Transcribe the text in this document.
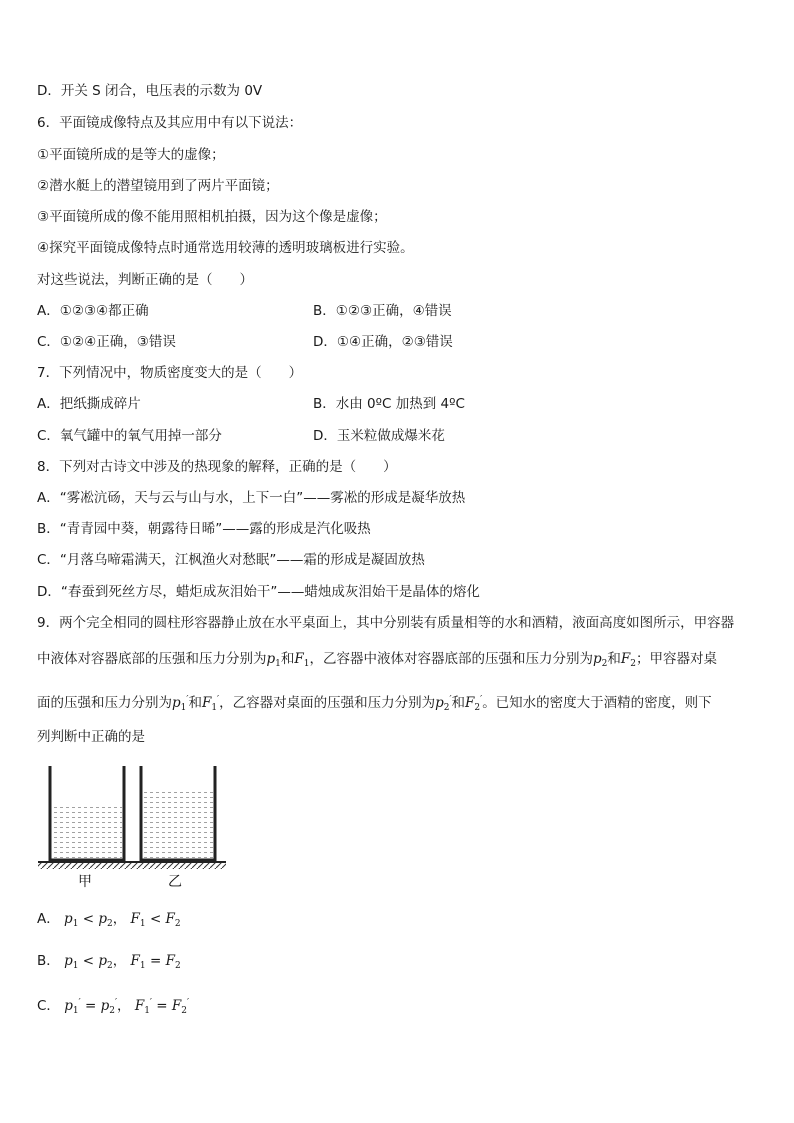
D．开关 S 闭合，电压表的示数为 0V
6．平面镜成像特点及其应用中有以下说法：
①平面镜所成的是等大的虚像；
②潜水艇上的潜望镜用到了两片平面镜；
③平面镜所成的像不能用照相机拍摄，因为这个像是虚像；
④探究平面镜成像特点时通常选用较薄的透明玻璃板进行实验。
对这些说法，判断正确的是（　　）
A．①②③④都正确	B．①②③正确，④错误
C．①②④正确，③错误	D．①④正确，②③错误
7．下列情况中，物质密度变大的是（　　）
A．把纸撕成碎片	B．水由 0ºC 加热到 4ºC
C．氧气罐中的氧气用掉一部分	D．玉米粒做成爆米花
8．下列对古诗文中涉及的热现象的解释，正确的是（　　）
A．“雾凇沆砀，天与云与山与水，上下一白”——雾凇的形成是凝华放热
B．“青青园中葵，朝露待日晞”——露的形成是汽化吸热
C．“月落乌啼霜满天，江枫渔火对愁眠”——霜的形成是凝固放热
D．“春蚕到死丝方尽，蜡炬成灰泪始干”——蜡烛成灰泪始干是晶体的熔化
9．两个完全相同的圆柱形容器静止放在水平桌面上，其中分别装有质量相等的水和酒精，液面高度如图所示，甲容器
中液体对容器底部的压强和压力分别为$p_1$和$F_1$，乙容器中液体对容器底部的压强和压力分别为$p_2$和$F_2$；甲容器对桌
面的压强和压力分别为$p_1'$和$F_1'$，乙容器对桌面的压强和压力分别为$p_2'$和$F_2'$。已知水的密度大于酒精的密度，则下
列判断中正确的是
甲	乙
A． $p_1 < p_2$， $F_1 < F_2$
B． $p_1 < p_2$， $F_1 = F_2$
C． $p_1' = p_2'$， $F_1' = F_2'$
